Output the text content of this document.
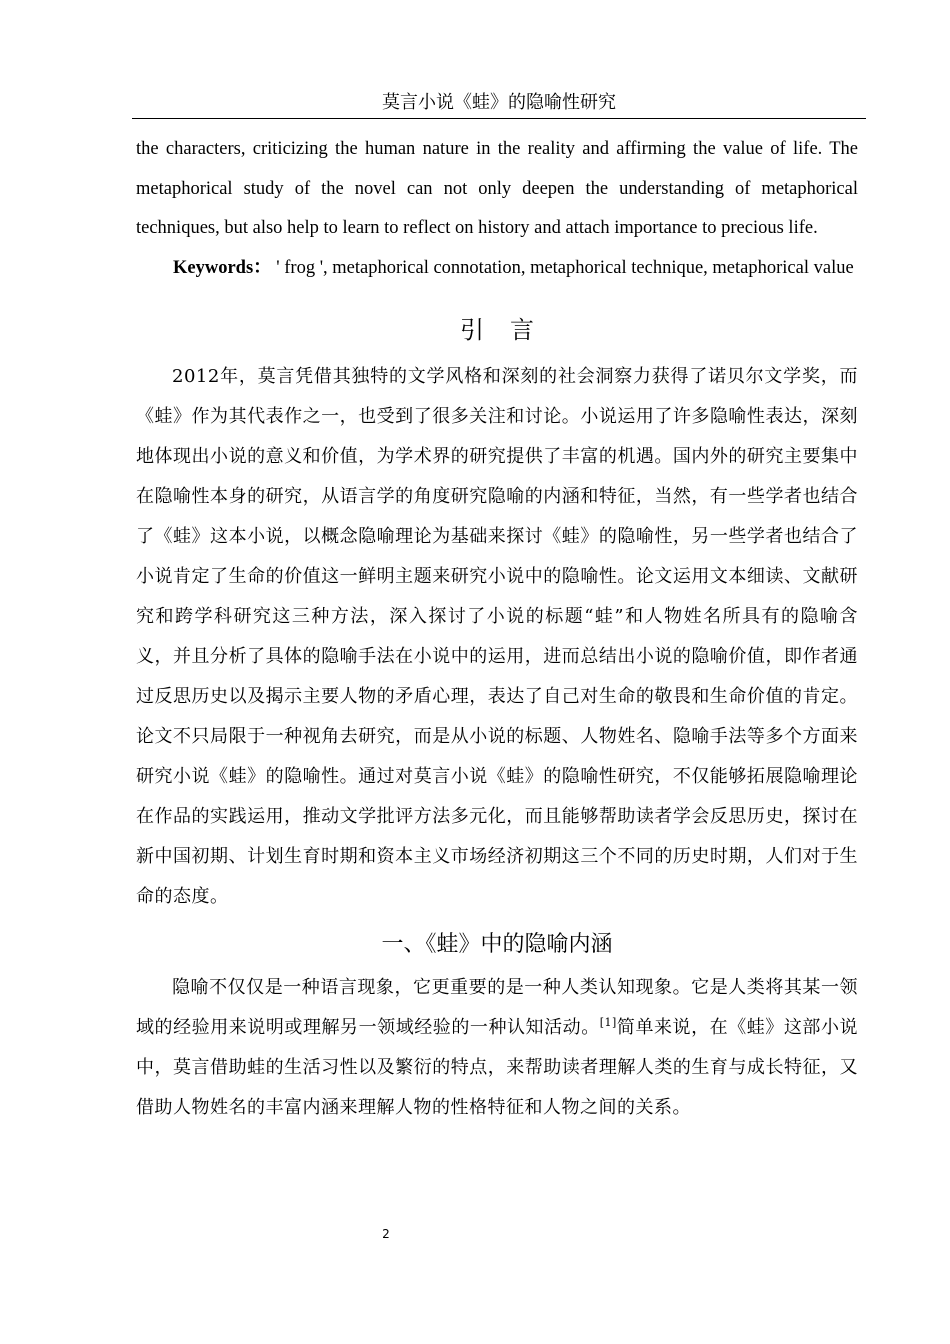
莫言小说《蛙》的隐喻性研究

the characters, criticizing the human nature in the reality and affirming the value of life. The metaphorical study of the novel can not only deepen the understanding of metaphorical techniques, but also help to learn to reflect on history and attach importance to precious life.

Keywords： ' frog ', metaphorical connotation, metaphorical technique, metaphorical value

引言

2012年，莫言凭借其独特的文学风格和深刻的社会洞察力获得了诺贝尔文学奖，而《蛙》作为其代表作之一，也受到了很多关注和讨论。小说运用了许多隐喻性表达，深刻地体现出小说的意义和价值，为学术界的研究提供了丰富的机遇。国内外的研究主要集中在隐喻性本身的研究，从语言学的角度研究隐喻的内涵和特征，当然，有一些学者也结合了《蛙》这本小说，以概念隐喻理论为基础来探讨《蛙》的隐喻性，另一些学者也结合了小说肯定了生命的价值这一鲜明主题来研究小说中的隐喻性。论文运用文本细读、文献研究和跨学科研究这三种方法，深入探讨了小说的标题“蛙”和人物姓名所具有的隐喻含义，并且分析了具体的隐喻手法在小说中的运用，进而总结出小说的隐喻价值，即作者通过反思历史以及揭示主要人物的矛盾心理，表达了自己对生命的敬畏和生命价值的肯定。论文不只局限于一种视角去研究，而是从小说的标题、人物姓名、隐喻手法等多个方面来研究小说《蛙》的隐喻性。通过对莫言小说《蛙》的隐喻性研究，不仅能够拓展隐喻理论在作品的实践运用，推动文学批评方法多元化，而且能够帮助读者学会反思历史，探讨在新中国初期、计划生育时期和资本主义市场经济初期这三个不同的历史时期，人们对于生命的态度。

一、《蛙》中的隐喻内涵

隐喻不仅仅是一种语言现象，它更重要的是一种人类认知现象。它是人类将其某一领域的经验用来说明或理解另一领域经验的一种认知活动。[1]简单来说，在《蛙》这部小说中，莫言借助蛙的生活习性以及繁衍的特点，来帮助读者理解人类的生育与成长特征，又借助人物姓名的丰富内涵来理解人物的性格特征和人物之间的关系。

2
